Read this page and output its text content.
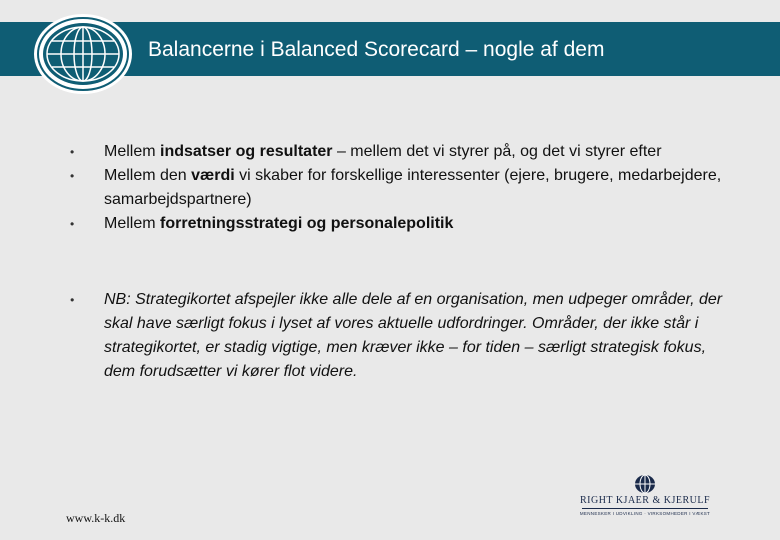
Balancerne i Balanced Scorecard – nogle af dem
• Mellem indsatser og resultater – mellem det vi styrer på, og det vi styrer efter
• Mellem den værdi vi skaber for forskellige interessenter (ejere, brugere, medarbejdere, samarbejdspartnere)
• Mellem forretningsstrategi og personalepolitik
• NB: Strategikortet afspejler ikke alle dele af en organisation, men udpeger områder, der skal have særligt fokus i lyset af vores aktuelle udfordringer. Områder, der ikke står i strategikortet, er stadig vigtige, men kræver ikke – for tiden – særligt strategisk fokus, dem forudsætter vi kører flot videre.
www.k-k.dk
RIGHT KJAER & KJERULF
MENNESKER I UDVIKLING · VIRKSOMHEDER I VÆKST
